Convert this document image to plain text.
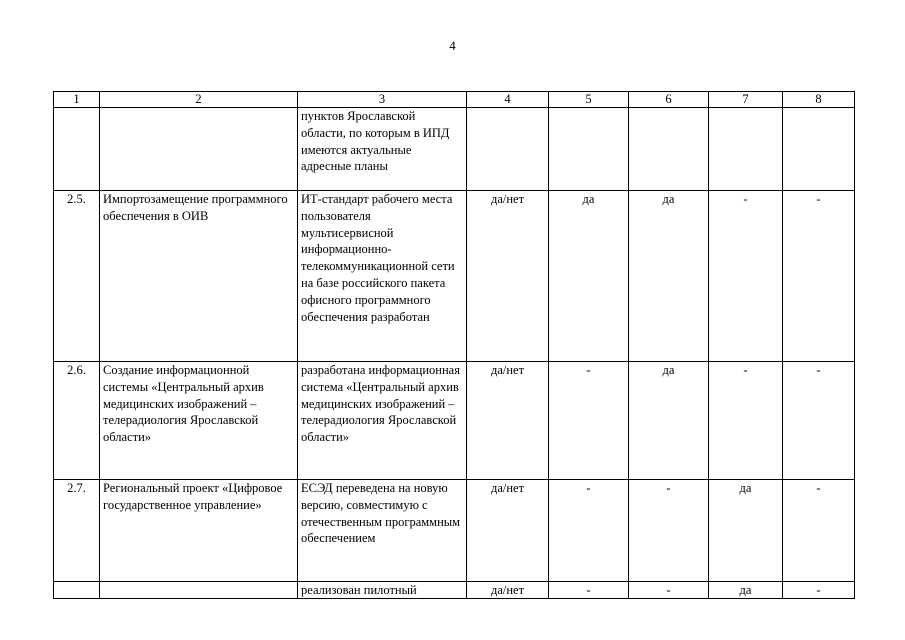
4
1	2	3	4	5	6	7	8
		пунктов Ярославской области, по которым в ИПД имеются актуальные адресные планы					
2.5.	Импортозамещение программного обеспечения в ОИВ	ИТ-стандарт рабочего места пользователя мультисервисной информационно-телекоммуникационной сети на базе российского пакета офисного программного обеспечения разработан	да/нет	да	да	-	-
2.6.	Создание информационной системы «Центральный архив медицинских изображений – телерадиология Ярославской области»	разработана информационная система «Центральный архив медицинских изображений – телерадиология Ярославской области»	да/нет	-	да	-	-
2.7.	Региональный проект «Цифровое государственное управление»	ЕСЭД переведена на новую версию, совместимую с отечественным программным обеспечением	да/нет	-	-	да	-
		реализован пилотный	да/нет	-	-	да	-
